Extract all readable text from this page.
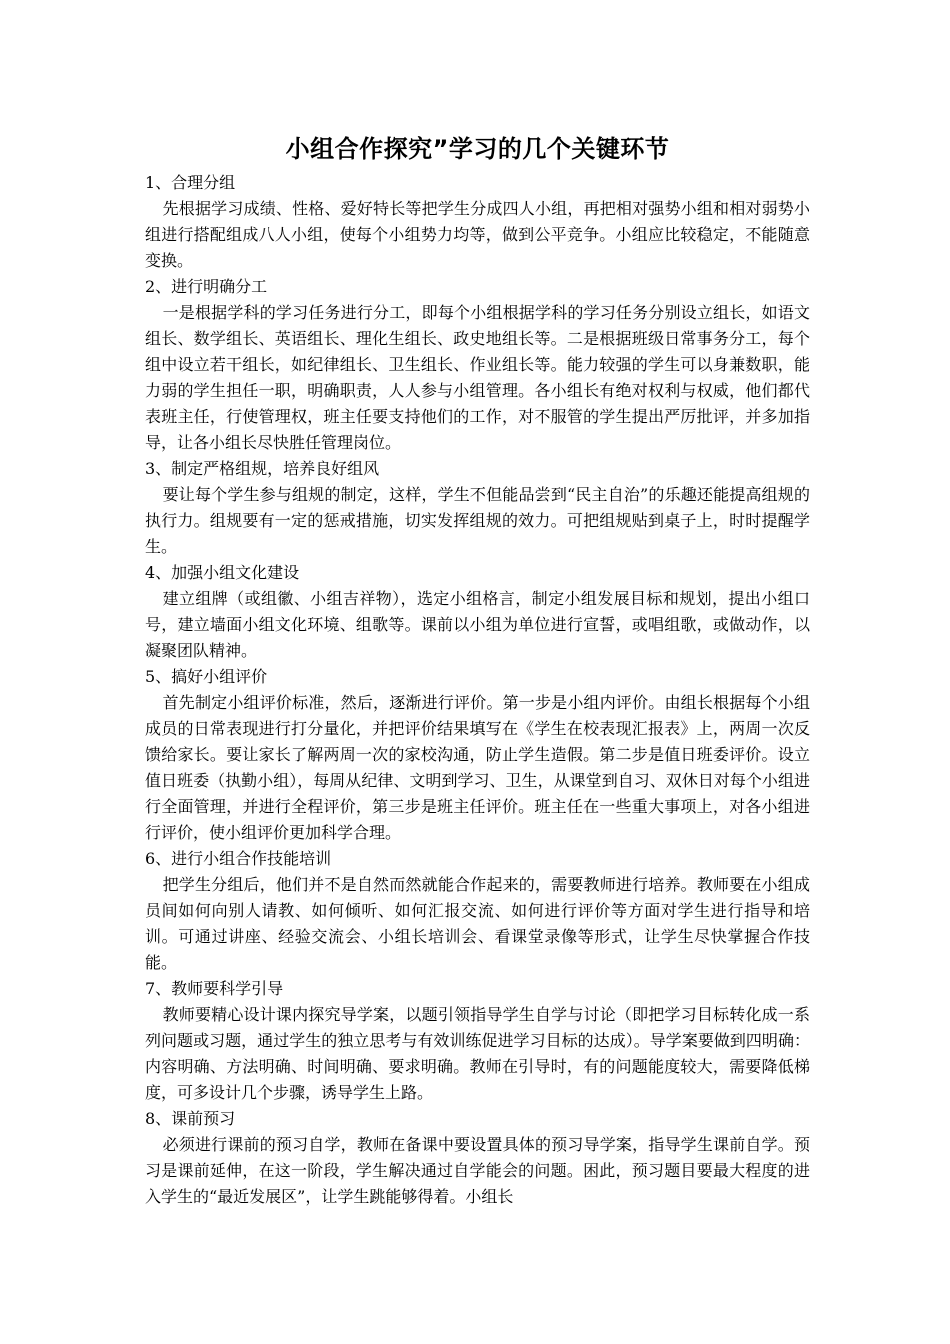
小组合作探究”学习的几个关键环节

1、合理分组

先根据学习成绩、性格、爱好特长等把学生分成四人小组，再把相对强势小组和相对弱势小组进行搭配组成八人小组，使每个小组势力均等，做到公平竞争。小组应比较稳定，不能随意变换。

2、进行明确分工

一是根据学科的学习任务进行分工，即每个小组根据学科的学习任务分别设立组长，如语文组长、数学组长、英语组长、理化生组长、政史地组长等。二是根据班级日常事务分工，每个组中设立若干组长，如纪律组长、卫生组长、作业组长等。能力较强的学生可以身兼数职，能力弱的学生担任一职，明确职责，人人参与小组管理。各小组长有绝对权利与权威，他们都代表班主任，行使管理权，班主任要支持他们的工作，对不服管的学生提出严厉批评，并多加指导，让各小组长尽快胜任管理岗位。

3、制定严格组规，培养良好组风

要让每个学生参与组规的制定，这样，学生不但能品尝到“民主自治”的乐趣还能提高组规的执行力。组规要有一定的惩戒措施，切实发挥组规的效力。可把组规贴到桌子上，时时提醒学生。

4、加强小组文化建设

建立组牌（或组徽、小组吉祥物），选定小组格言，制定小组发展目标和规划，提出小组口号，建立墙面小组文化环境、组歌等。课前以小组为单位进行宣誓，或唱组歌，或做动作，以凝聚团队精神。

5、搞好小组评价

首先制定小组评价标准，然后，逐渐进行评价。第一步是小组内评价。由组长根据每个小组成员的日常表现进行打分量化，并把评价结果填写在《学生在校表现汇报表》上，两周一次反馈给家长。要让家长了解两周一次的家校沟通，防止学生造假。第二步是值日班委评价。设立值日班委（执勤小组），每周从纪律、文明到学习、卫生，从课堂到自习、双休日对每个小组进行全面管理，并进行全程评价，第三步是班主任评价。班主任在一些重大事项上，对各小组进行评价，使小组评价更加科学合理。

6、进行小组合作技能培训

把学生分组后，他们并不是自然而然就能合作起来的，需要教师进行培养。教师要在小组成员间如何向别人请教、如何倾听、如何汇报交流、如何进行评价等方面对学生进行指导和培训。可通过讲座、经验交流会、小组长培训会、看课堂录像等形式，让学生尽快掌握合作技能。

7、教师要科学引导

教师要精心设计课内探究导学案，以题引领指导学生自学与讨论（即把学习目标转化成一系列问题或习题，通过学生的独立思考与有效训练促进学习目标的达成）。导学案要做到四明确：内容明确、方法明确、时间明确、要求明确。教师在引导时，有的问题能度较大，需要降低梯度，可多设计几个步骤，诱导学生上路。

8、课前预习

必须进行课前的预习自学，教师在备课中要设置具体的预习导学案，指导学生课前自学。预习是课前延伸，在这一阶段，学生解决通过自学能会的问题。困此，预习题目要最大程度的进入学生的“最近发展区”，让学生跳能够得着。小组长
